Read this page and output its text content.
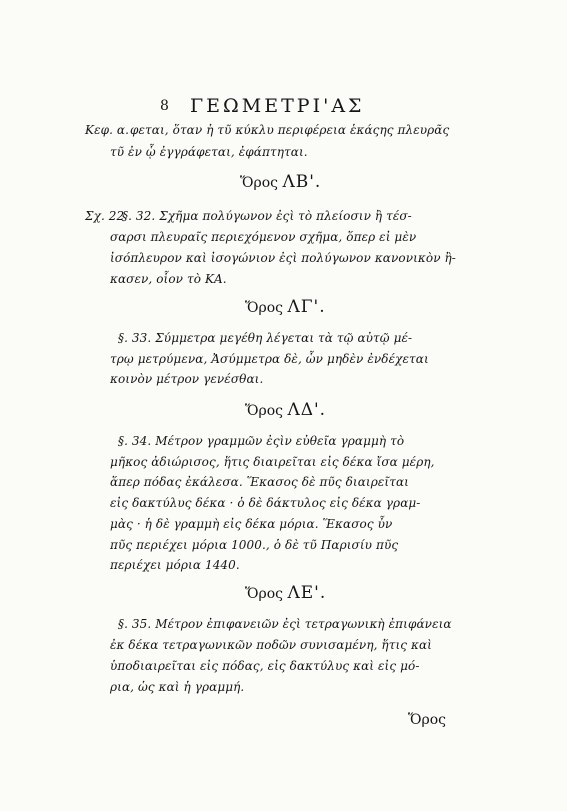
8 ΓΕΩΜΕΤΡΙ'ΑΣ
Κεφ. α. φεται, ὅταν ἡ τῦ κύκλυ περιφέρεια ἑκάςης πλευρᾶς
τῦ ἐν ᾧ ἐγγράφεται, ἐφάπτηται.
Ὅρος ΛΒ'.
Σχ. 22
§. 32. Σχῆμα πολύγωνον ἐςὶ τὸ πλείοσιν ἢ τέσ-
σαρσι πλευραῖς περιεχόμενον σχῆμα, ὅπερ εἰ μὲν
ἰσόπλευρον καὶ ἰσογώνιον ἐςὶ πολύγωνον κανονικὸν ἢ-
κασεν, οἷον τὸ ΚΑ.
Ὅρος ΛΓ'.
§. 33. Σύμμετρα μεγέθη λέγεται τὰ τῷ αὐτῷ μέ-
τρῳ μετρύμενα, Ἀσύμμετρα δὲ, ὧν μηδὲν ἐνδέχεται
κοινὸν μέτρον γενέσθαι.
Ὅρος ΛΔ'.
§. 34. Μέτρον γραμμῶν ἐςὶν εὐθεῖα γραμμὴ τὸ
μῆκος ἀδιώρισος, ἥτις διαιρεῖται εἰς δέκα ἴσα μέρη,
ἅπερ πόδας ἐκάλεσα. Ἕκασος δὲ πῦς διαιρεῖται
εἰς δακτύλυς δέκα · ὁ δὲ δάκτυλος εἰς δέκα γραμ-
μὰς · ἡ δὲ γραμμὴ εἰς δέκα μόρια. Ἕκασος ὖν
πῦς περιέχει μόρια 1000., ὁ δὲ τῦ Παρισίυ πῦς
περιέχει μόρια 1440.
Ὅρος ΛΕ'.
§. 35. Μέτρον ἐπιφανειῶν ἐςὶ τετραγωνικὴ ἐπιφάνεια
ἐκ δέκα τετραγωνικῶν ποδῶν συνισαμένη, ἥτις καὶ
ὑποδιαιρεῖται εἰς πόδας, εἰς δακτύλυς καὶ εἰς μό-
ρια, ὡς καὶ ἡ γραμμή.
Ὅρος
